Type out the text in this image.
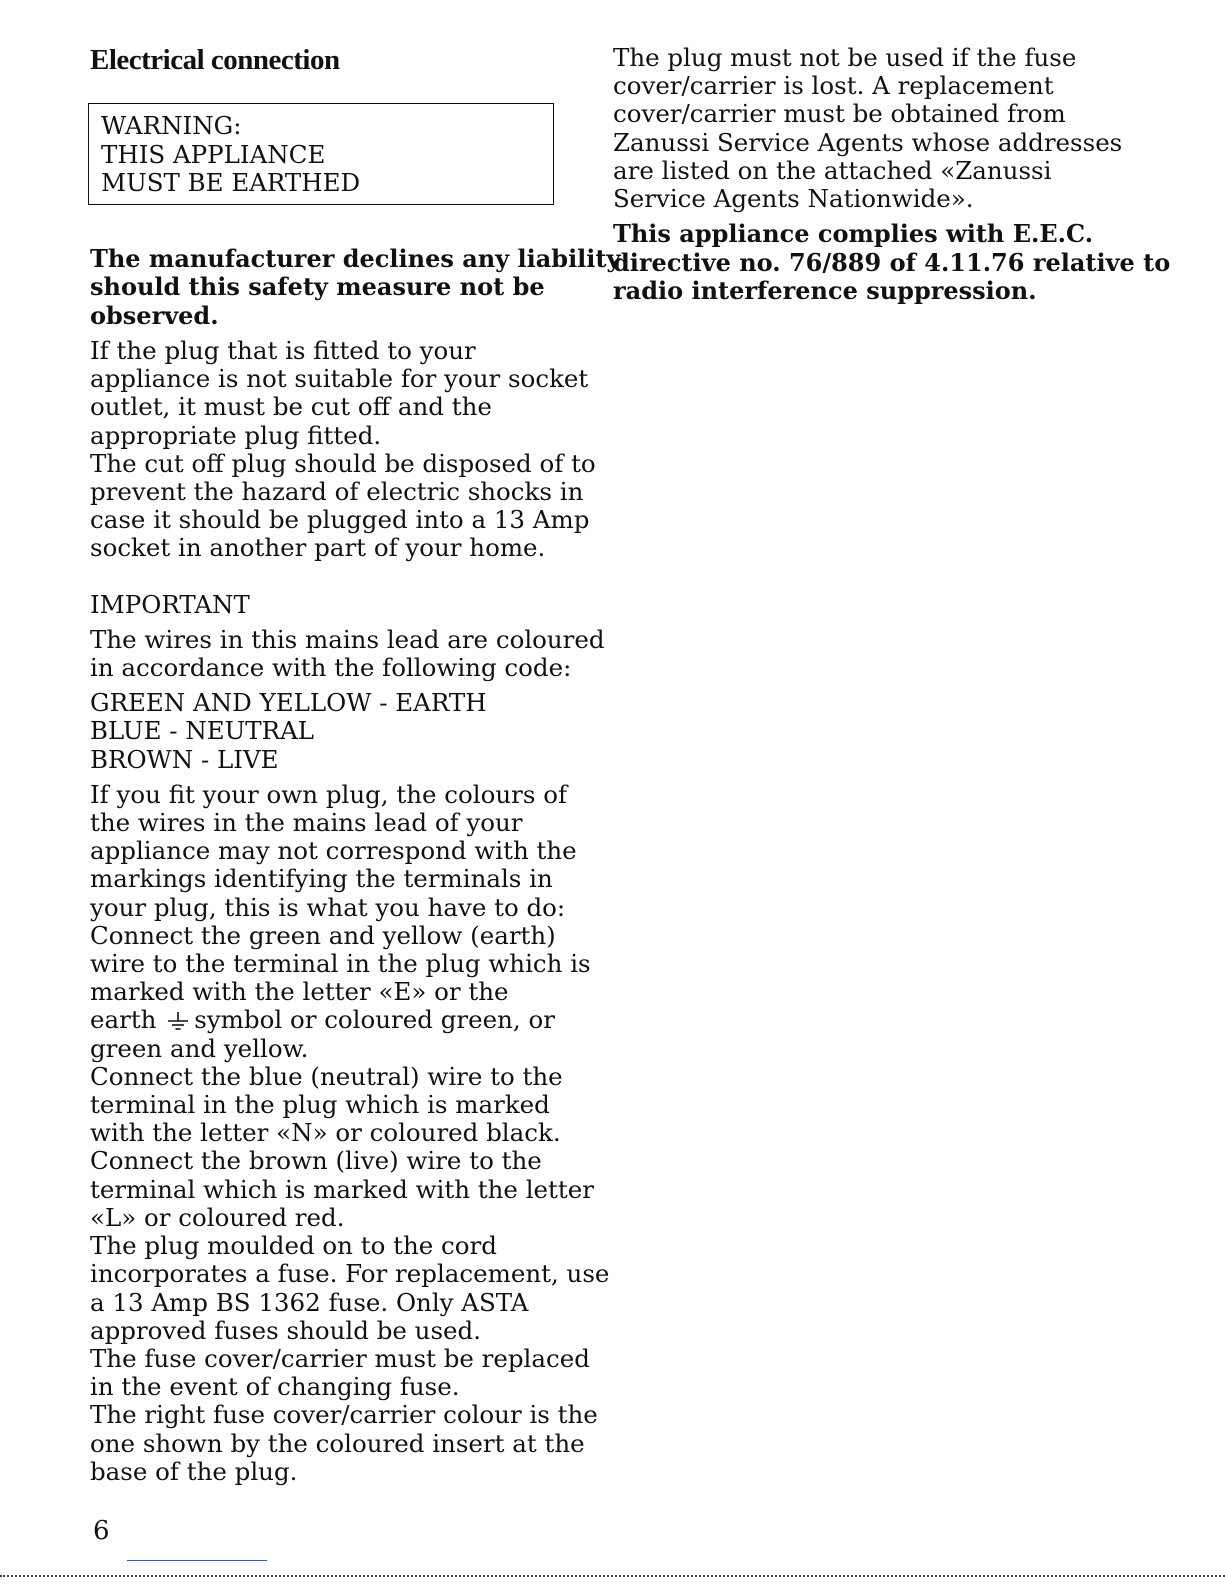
Electrical connection
WARNING:
THIS APPLIANCE
MUST BE EARTHED
The manufacturer declines any liability
should this safety measure not be
observed.
If the plug that is fitted to your
appliance is not suitable for your socket
outlet, it must be cut off and the
appropriate plug fitted.
The cut off plug should be disposed of to
prevent the hazard of electric shocks in
case it should be plugged into a 13 Amp
socket in another part of your home.
IMPORTANT
The wires in this mains lead are coloured
in accordance with the following code:
GREEN AND YELLOW - EARTH
BLUE - NEUTRAL
BROWN - LIVE
If you fit your own plug, the colours of
the wires in the mains lead of your
appliance may not correspond with the
markings identifying the terminals in
your plug, this is what you have to do:
Connect the green and yellow (earth)
wire to the terminal in the plug which is
marked with the letter «E» or the
earth symbol or coloured green, or
green and yellow.
Connect the blue (neutral) wire to the
terminal in the plug which is marked
with the letter «N» or coloured black.
Connect the brown (live) wire to the
terminal which is marked with the letter
«L» or coloured red.
The plug moulded on to the cord
incorporates a fuse. For replacement, use
a 13 Amp BS 1362 fuse. Only ASTA
approved fuses should be used.
The fuse cover/carrier must be replaced
in the event of changing fuse.
The right fuse cover/carrier colour is the
one shown by the coloured insert at the
base of the plug.
The plug must not be used if the fuse
cover/carrier is lost. A replacement
cover/carrier must be obtained from
Zanussi Service Agents whose addresses
are listed on the attached «Zanussi
Service Agents Nationwide».
This appliance complies with E.E.C.
directive no. 76/889 of 4.11.76 relative to
radio interference suppression.
6
